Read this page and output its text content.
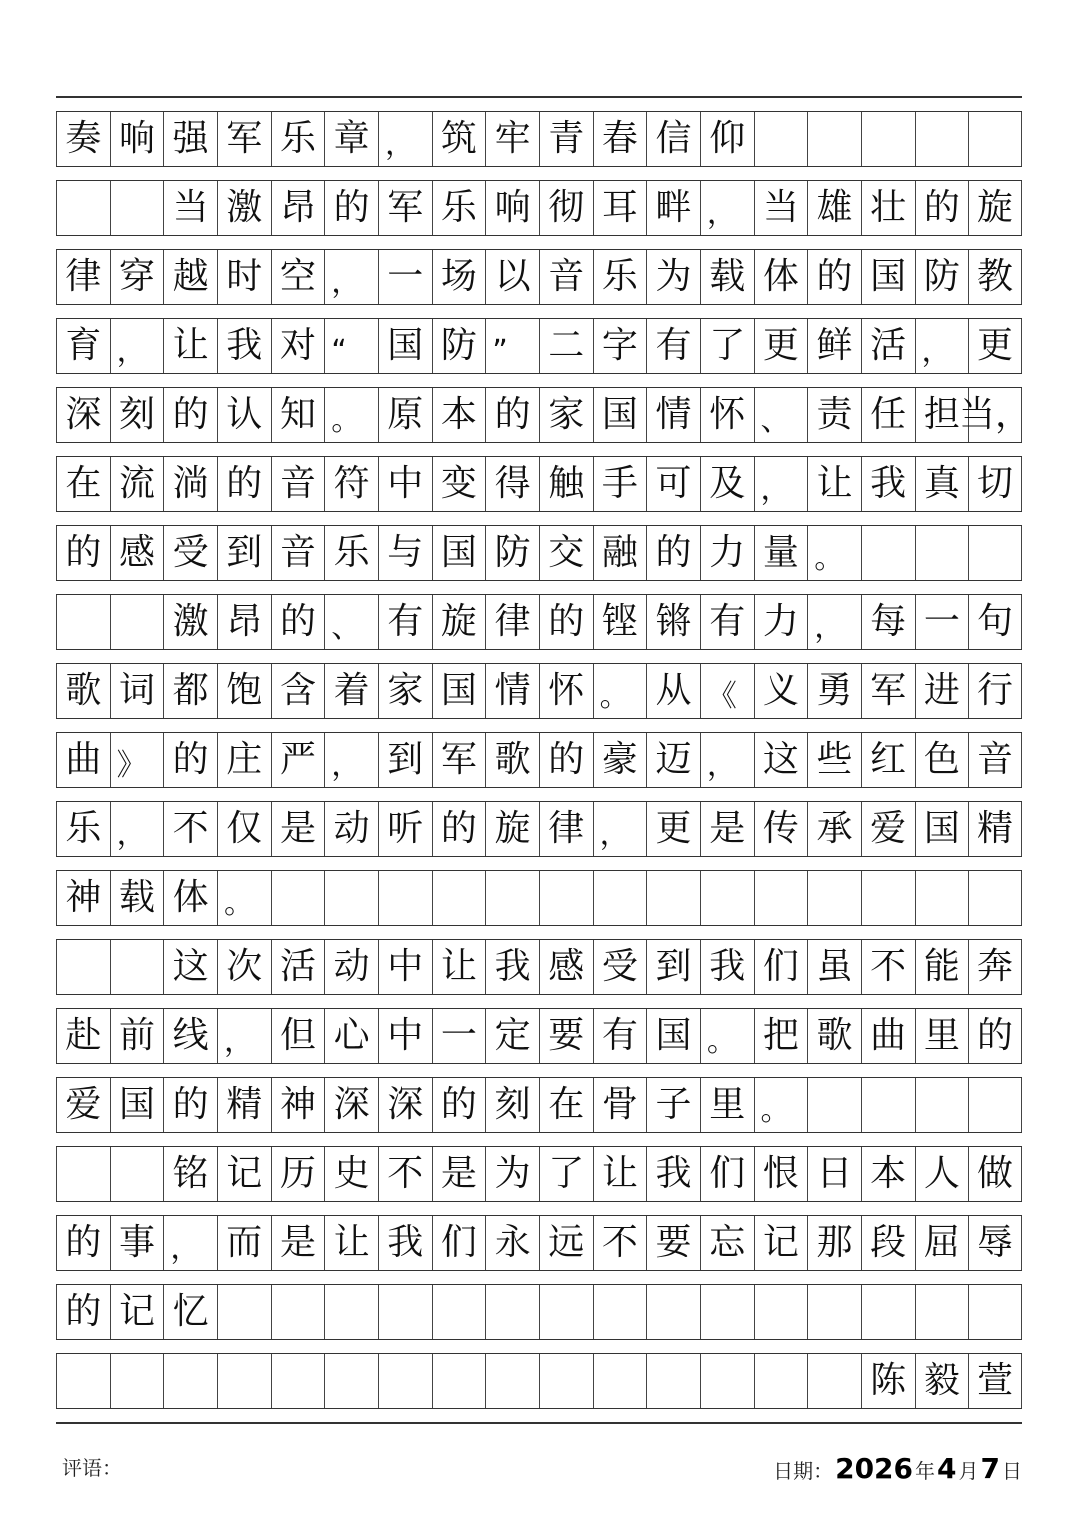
奏 响 强 军 乐 章 ， 筑 牢 青 春 信 仰
当 激 昂 的 军 乐 响 彻 耳 畔 ， 当 雄 壮 的 旋
律 穿 越 时 空 ， 一 场 以 音 乐 为 载 体 的 国 防 教
育 ， 让 我 对 “	国 防 ”	二 字 有 了 更 鲜 活 ， 更
深 刻 的 认 知 。 原 本 的 家 国 情 怀 、 责 任 担 当，
在 流 淌 的 音 符 中 变 得 触 手 可 及 ， 让 我 真 切
的 感 受 到 音 乐 与 国 防 交 融 的 力 量 。
激 昂 的 、 有 旋 律 的 铿 锵 有 力 ， 每 一 句
歌 词 都 饱 含 着 家 国 情 怀 。 从 《 义 勇 军 进 行
曲 》 的 庄 严 ， 到 军 歌 的 豪 迈 ， 这 些 红 色 音
乐 ， 不 仅 是 动 听 的 旋 律 ， 更 是 传 承 爱 国 精
神 载 体 。
这 次 活 动 中 让 我 感 受 到 我 们 虽 不 能 奔
赴 前 线 ， 但 心 中 一 定 要 有 国 。 把 歌 曲 里 的
爱 国 的 精 神 深 深 的 刻 在 骨 子 里 。
铭 记 历 史 不 是 为 了 让 我 们 恨 日 本 人 做
的 事 ， 而 是 让 我 们 永 远 不 要 忘 记 那 段 屈 辱
的 记 忆
陈 毅 萱
评语：	日期： 2026 年 4 月 7 日
